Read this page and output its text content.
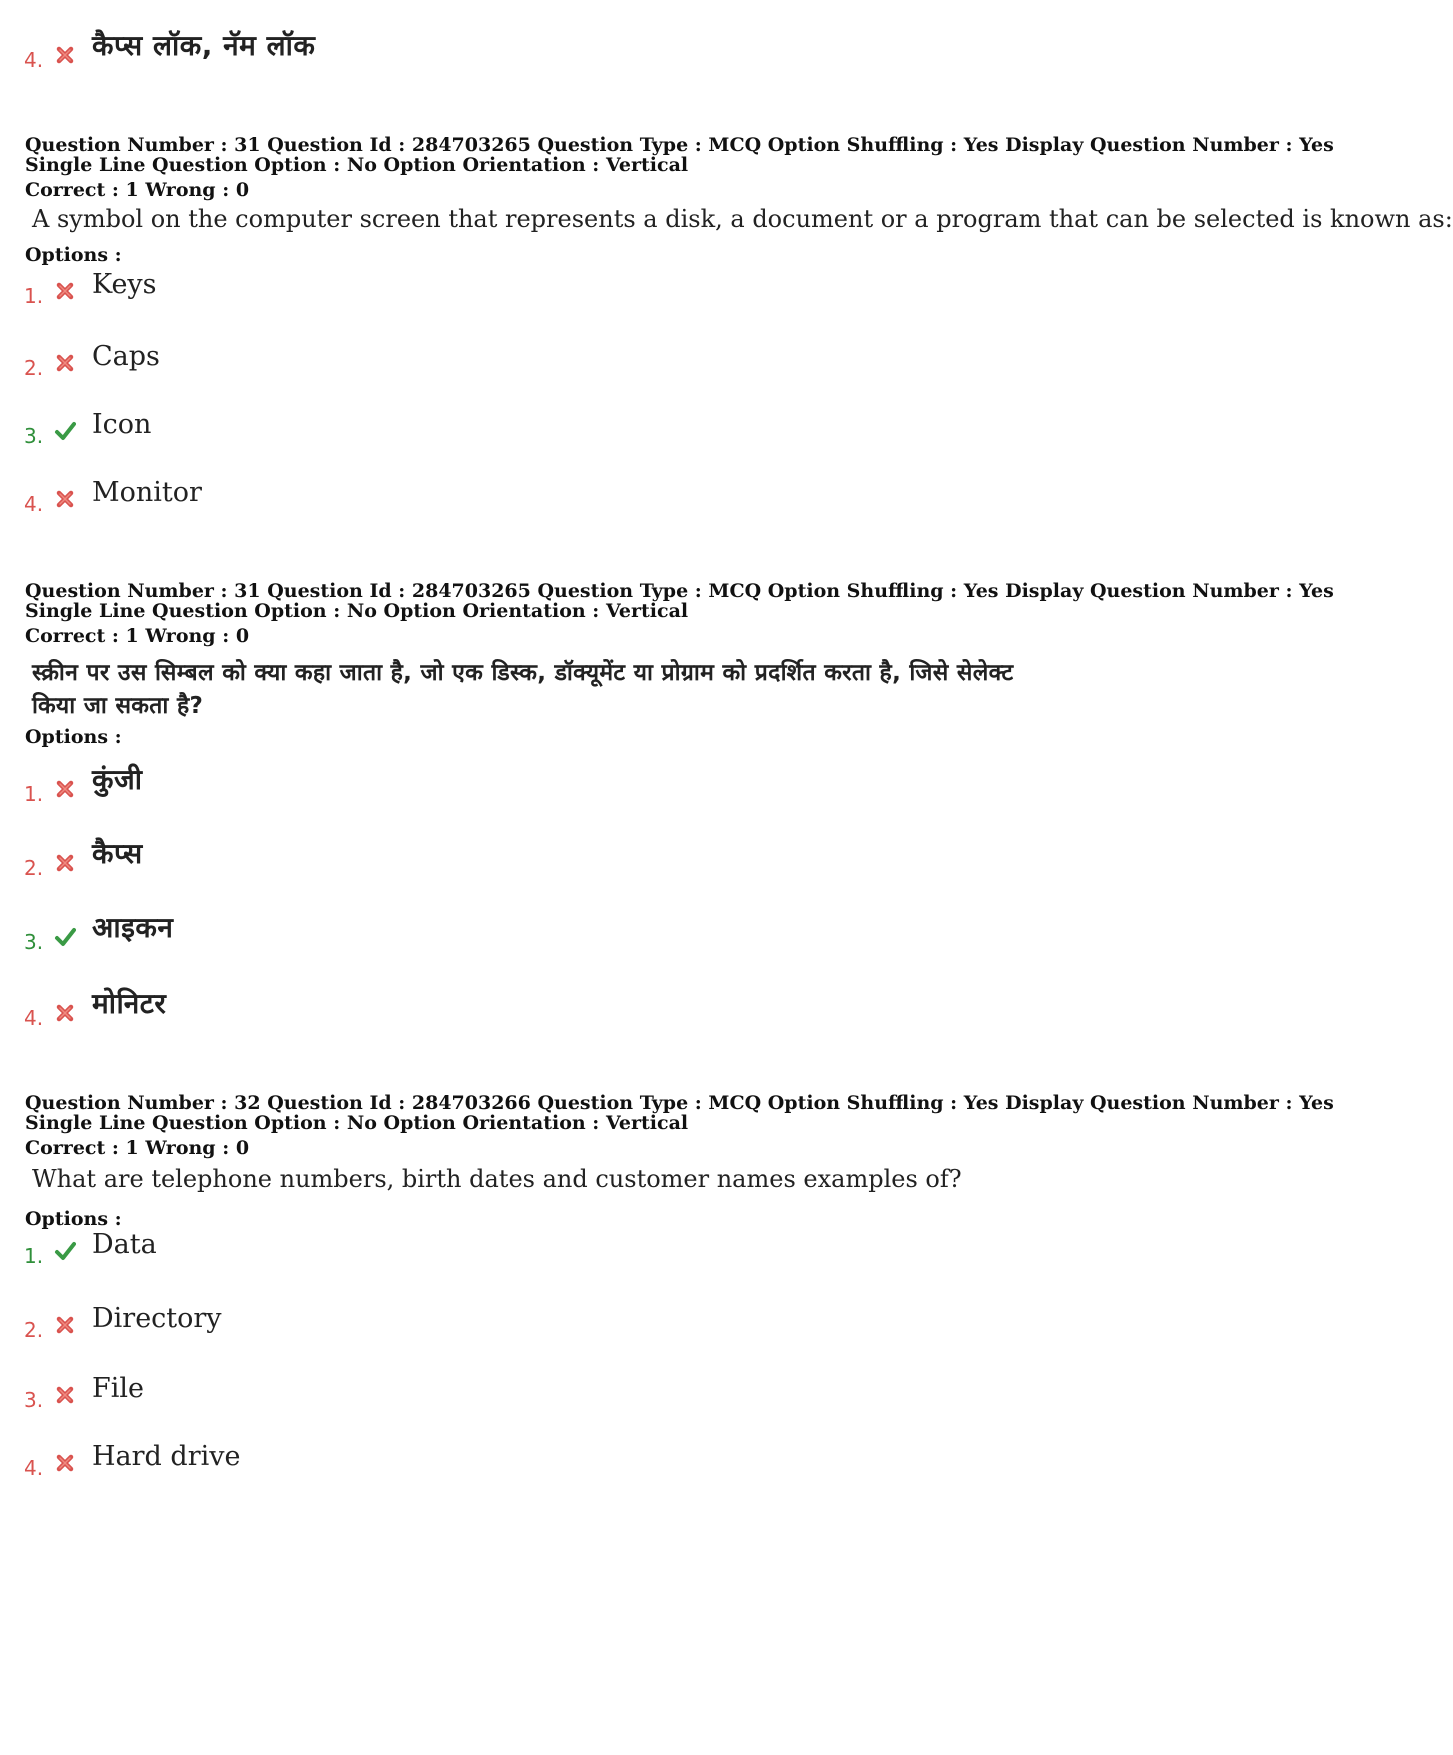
4. कैप्स लॉक, नॅम लॉक
Question Number : 31 Question Id : 284703265 Question Type : MCQ Option Shuffling : Yes Display Question Number : Yes
Single Line Question Option : No Option Orientation : Vertical
Correct : 1 Wrong : 0
A symbol on the computer screen that represents a disk, a document or a program that can be selected is known as:
Options :
1. Keys
2. Caps
3. Icon
4. Monitor
Question Number : 31 Question Id : 284703265 Question Type : MCQ Option Shuffling : Yes Display Question Number : Yes
Single Line Question Option : No Option Orientation : Vertical
Correct : 1 Wrong : 0
स्क्रीन पर उस सिम्बल को क्या कहा जाता है, जो एक डिस्क, डॉक्यूमेंट या प्रोग्राम को प्रदर्शित करता है, जिसे सेलेक्ट
किया जा सकता है?
Options :
1. कुंजी
2. कैप्स
3. आइकन
4. मोनिटर
Question Number : 32 Question Id : 284703266 Question Type : MCQ Option Shuffling : Yes Display Question Number : Yes
Single Line Question Option : No Option Orientation : Vertical
Correct : 1 Wrong : 0
What are telephone numbers, birth dates and customer names examples of?
Options :
1. Data
2. Directory
3. File
4. Hard drive
